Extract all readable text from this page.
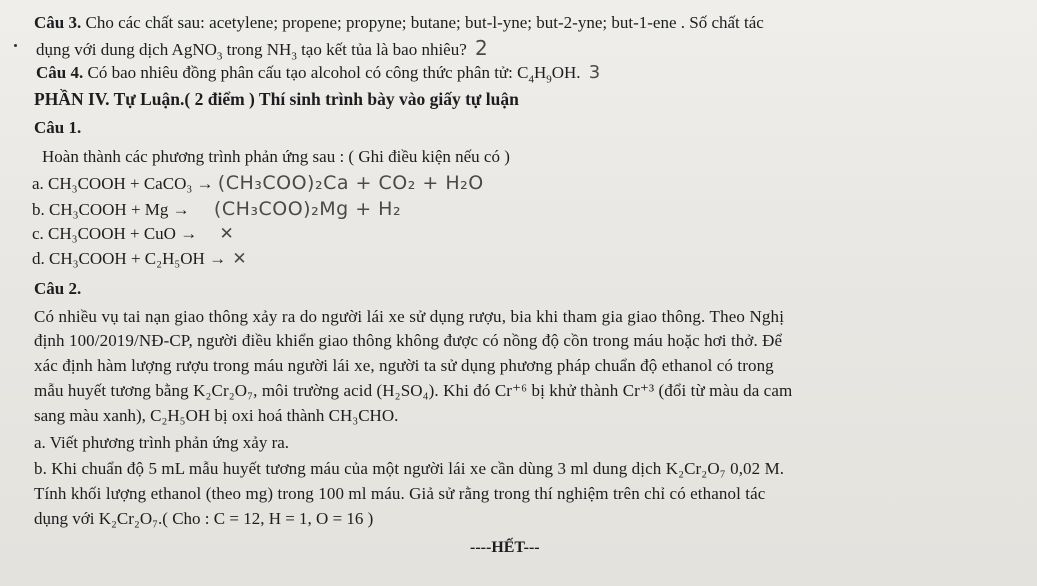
Câu 3. Cho các chất sau: acetylene; propene; propyne; butane; but-l-yne; but-2-yne; but-1-ene . Số chất tác
dụng với dung dịch AgNO$_3$ trong $NH_3$ tạo kết tủa là bao nhiêu? 2
Câu 4. Có bao nhiêu đồng phân cấu tạo alcohol có công thức phân tử: $C_4H_9OH$. 3
PHẦN IV. Tự Luận.( 2 điểm ) Thí sinh trình bày vào giấy tự luận
Câu 1.
Hoàn thành các phương trình phản ứng sau : ( Ghi điều kiện nếu có )
a. CH₃COOH + CaCO₃ → (CH₃COO)₂Ca + CO₂ + H₂O
b. CH₃COOH + Mg → (CH₃COO)₂Mg + H₂
c. CH₃COOH + CuO → ✕
d. CH₃COOH + C₂H₅OH → ✕
Câu 2.
Có nhiều vụ tai nạn giao thông xảy ra do người lái xe sử dụng rượu, bia khi tham gia giao thông. Theo Nghị
định 100/2019/NĐ-CP, người điều khiển giao thông không được có nồng độ cồn trong máu hoặc hơi thở. Để
xác định hàm lượng rượu trong máu người lái xe, người ta sử dụng phương pháp chuẩn độ ethanol có trong
mẫu huyết tương bằng K₂Cr₂O₇, môi trường acid (H₂SO₄). Khi đó Cr⁺⁶ bị khử thành Cr⁺³ (đổi từ màu da cam
sang màu xanh), C₂H₅OH bị oxi hoá thành CH₃CHO.
a. Viết phương trình phản ứng xảy ra.
b. Khi chuẩn độ 5 mL mẫu huyết tương máu của một người lái xe cần dùng 3 ml dung dịch K₂Cr₂O₇ 0,02 M.
Tính khối lượng ethanol (theo mg) trong 100 ml máu. Giả sử rằng trong thí nghiệm trên chỉ có ethanol tác
dụng với K₂Cr₂O₇.( Cho : C = 12, H = 1, O = 16 )
----HẾT---
